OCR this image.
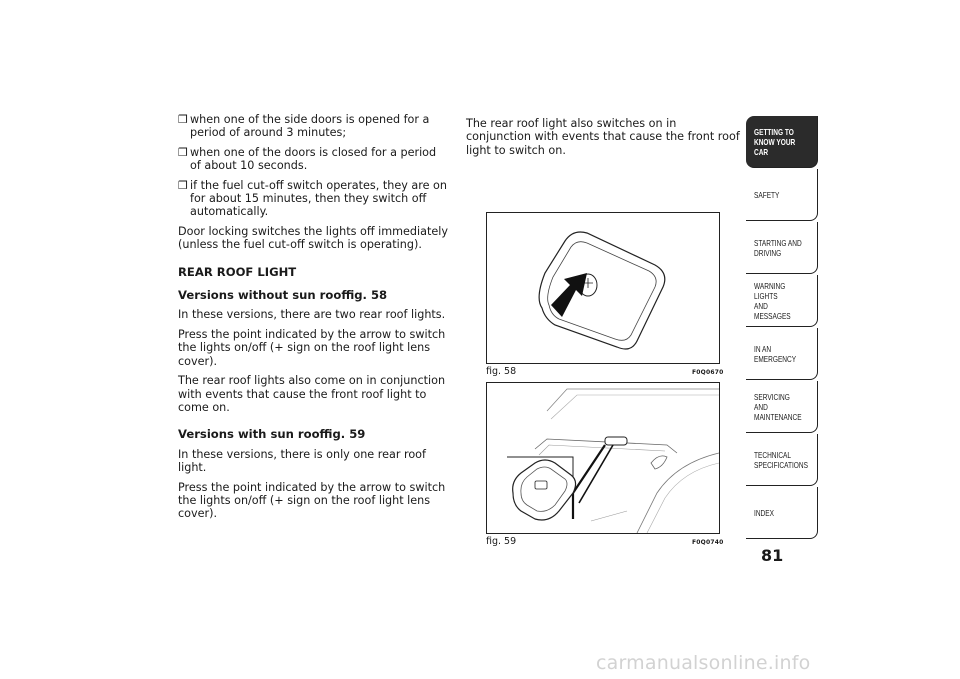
❒ when one of the side doors is opened for a period of around 3 minutes;
❒ when one of the doors is closed for a period of about 10 seconds.
❒ if the fuel cut-off switch operates, they are on for about 15 minutes, then they switch off automatically.

Door locking switches the lights off immediately (unless the fuel cut-off switch is operating).

REAR ROOF LIGHT
Versions without sun rooffig. 58

In these versions, there are two rear roof lights.

Press the point indicated by the arrow to switch the lights on/off (+ sign on the roof light lens cover).

The rear roof lights also come on in conjunction with events that cause the front roof light to come on.

Versions with sun rooffig. 59

In these versions, there is only one rear roof light.

Press the point indicated by the arrow to switch the lights on/off (+ sign on the roof light lens cover).

The rear roof light also switches on in conjunction with events that cause the front roof light to switch on.
fig. 58	F0Q0670
fig. 59	F0Q0740
GETTING TO
KNOW YOUR CAR
SAFETY
STARTING AND
DRIVING
WARNING LIGHTS
AND MESSAGES
IN AN EMERGENCY
SERVICING AND
MAINTENANCE
TECHNICAL
SPECIFICATIONS
INDEX
81
carmanualsonline.info
